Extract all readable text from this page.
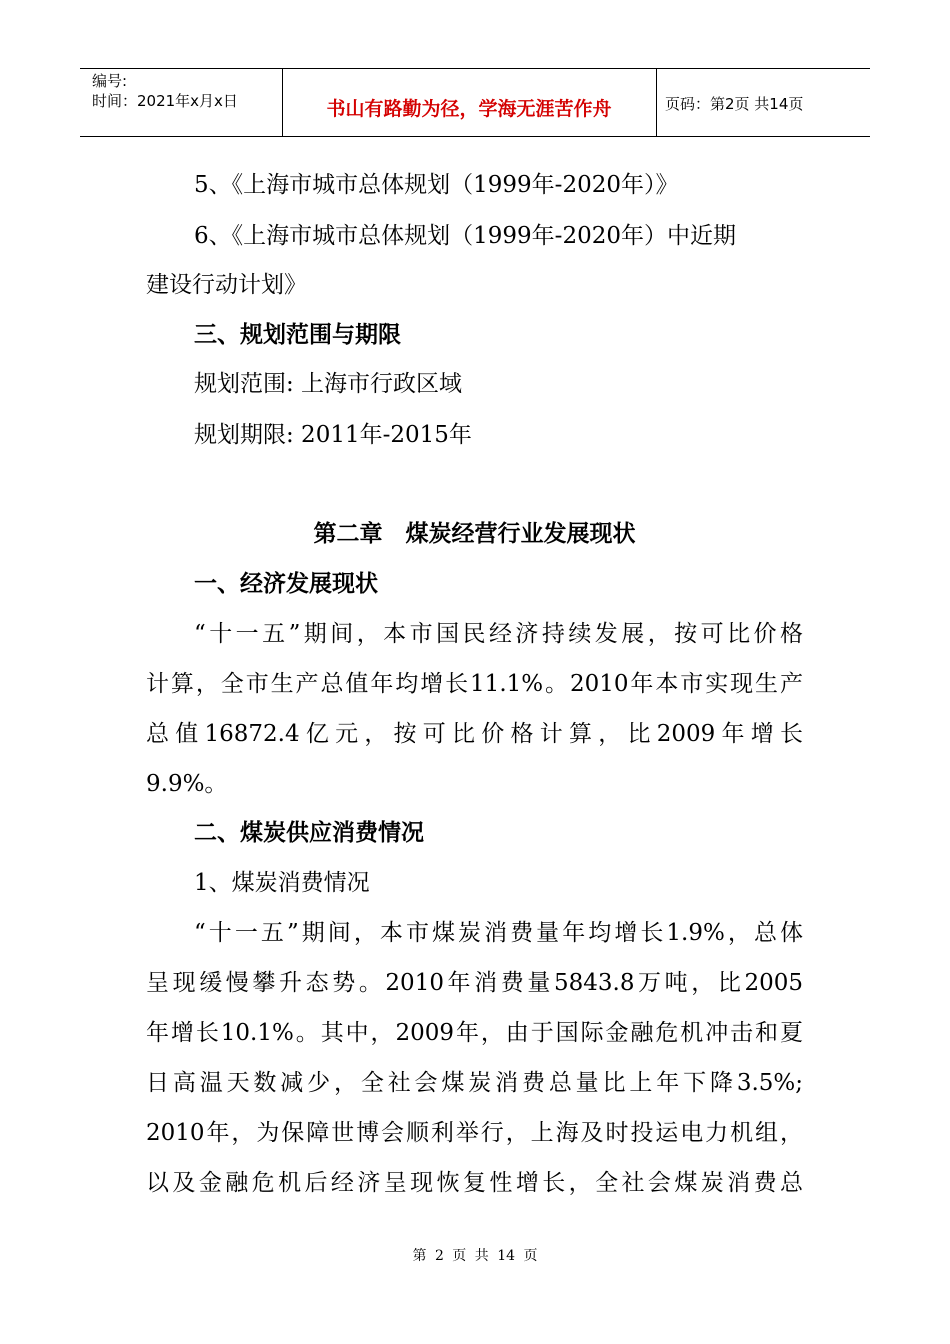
编号:
时间：2021年x月x日	书山有路勤为径，学海无涯苦作舟	页码：第2页 共14页
5、《上海市城市总体规划（1999年-2020年）》
6、《上海市城市总体规划（1999年-2020年）中近期
建设行动计划》
三、规划范围与期限
规划范围: 上海市行政区域
规划期限: 2011年-2015年
第二章　煤炭经营行业发展现状
一、经济发展现状
“十一五”期间，本市国民经济持续发展，按可比价格
计算，全市生产总值年均增长11.1%。2010年本市实现生产
总值16872.4亿元，按可比价格计算，比2009年增长
9.9%。
二、煤炭供应消费情况
1、煤炭消费情况
“十一五”期间，本市煤炭消费量年均增长1.9%，总体
呈现缓慢攀升态势。2010年消费量5843.8万吨，比2005
年增长10.1%。其中，2009年，由于国际金融危机冲击和夏
日高温天数减少，全社会煤炭消费总量比上年下降3.5%;
2010年，为保障世博会顺利举行，上海及时投运电力机组，
以及金融危机后经济呈现恢复性增长，全社会煤炭消费总
第 2 页 共 14 页
